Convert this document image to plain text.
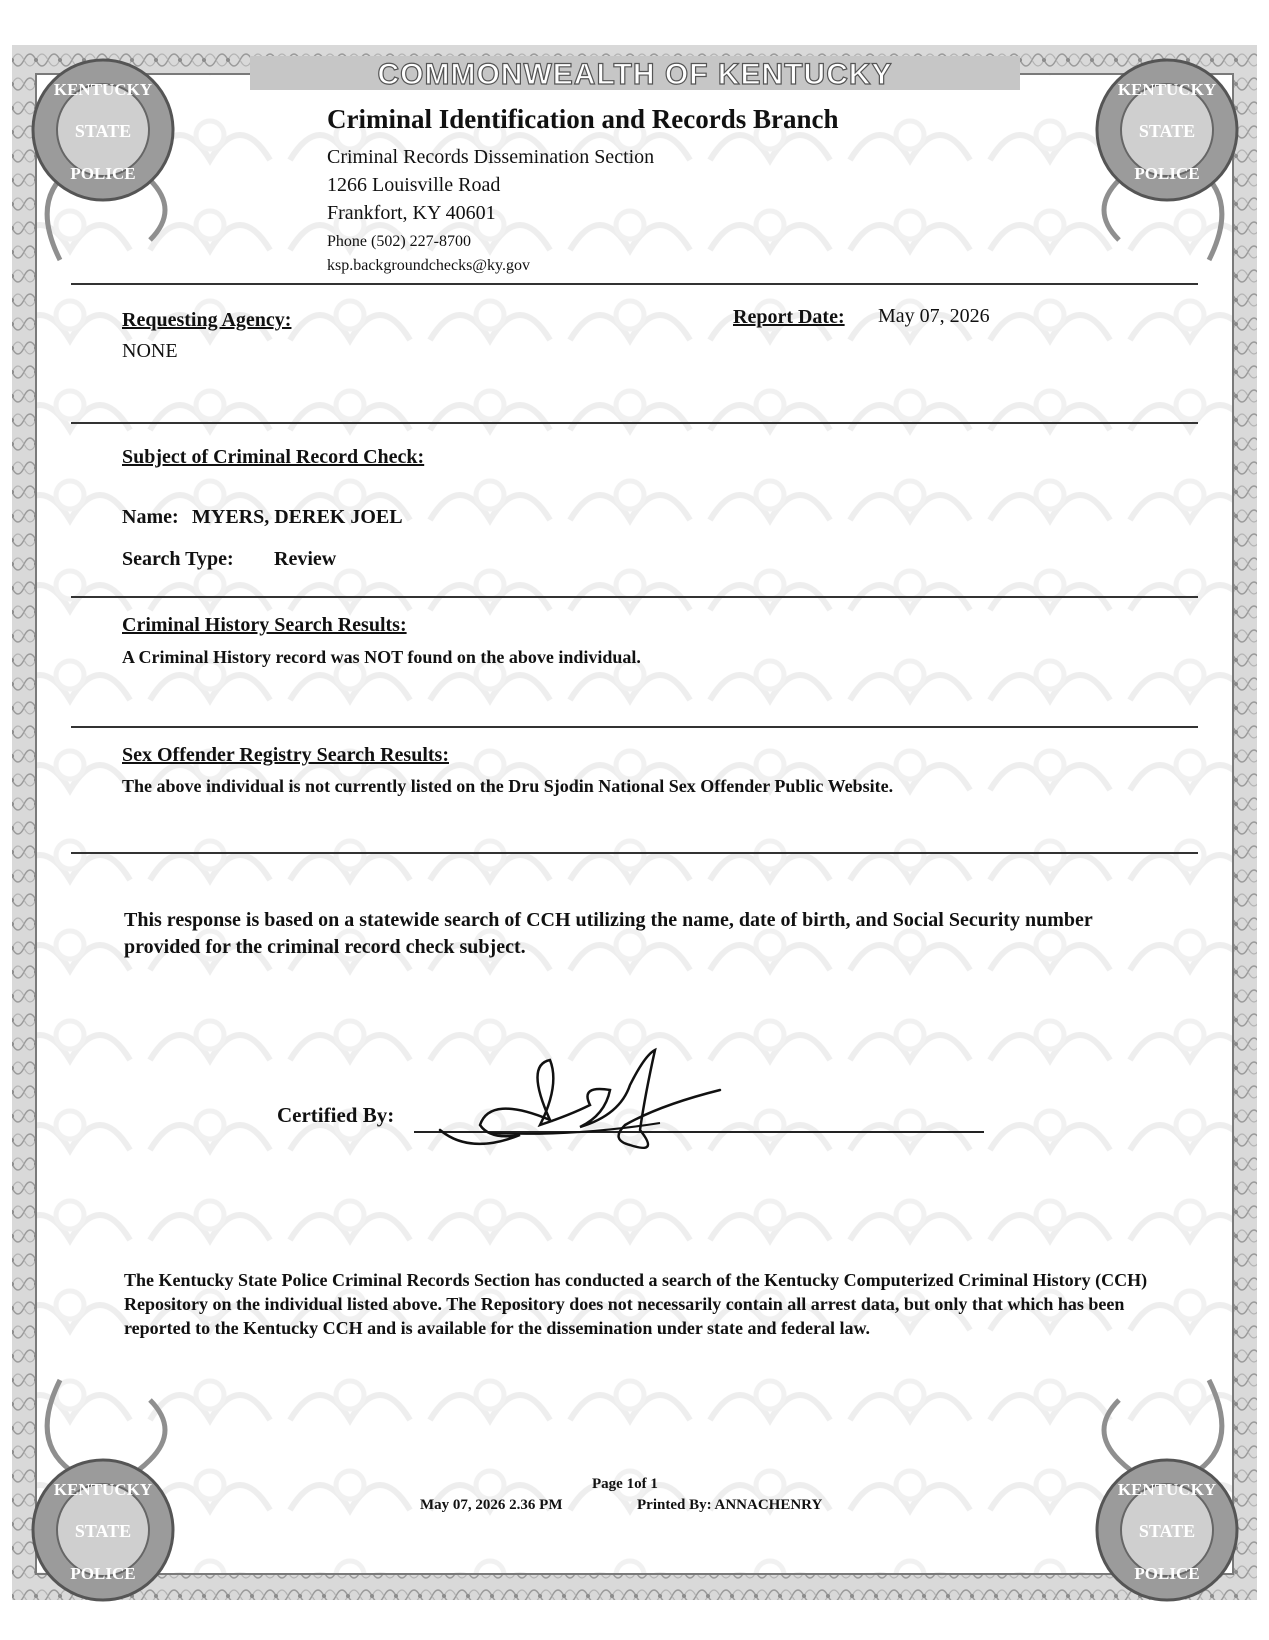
COMMONWEALTH OF KENTUCKY
KENTUCKY
STATE
POLICE
KENTUCKY
STATE
POLICE
KENTUCKY
STATE
POLICE
KENTUCKY
STATE
POLICE
Criminal Identification and Records Branch
Criminal Records Dissemination Section
1266 Louisville Road
Frankfort, KY 40601
Phone (502) 227-8700
ksp.backgroundchecks@ky.gov
Requesting Agency:
NONE
Report Date: May 07, 2026
Subject of Criminal Record Check:
Name: MYERS, DEREK JOEL
Search Type: Review
Criminal History Search Results:
A Criminal History record was NOT found on the above individual.
Sex Offender Registry Search Results:
The above individual is not currently listed on the Dru Sjodin National Sex Offender Public Website.
This response is based on a statewide search of CCH utilizing the name, date of birth, and Social Security number provided for the criminal record check subject.
Certified By:
The Kentucky State Police Criminal Records Section has conducted a search of the Kentucky Computerized Criminal History (CCH) Repository on the individual listed above. The Repository does not necessarily contain all arrest data, but only that which has been reported to the Kentucky CCH and is available for the dissemination under state and federal law.
Page 1of 1
May 07, 2026 2.36 PM	Printed By: ANNACHENRY
